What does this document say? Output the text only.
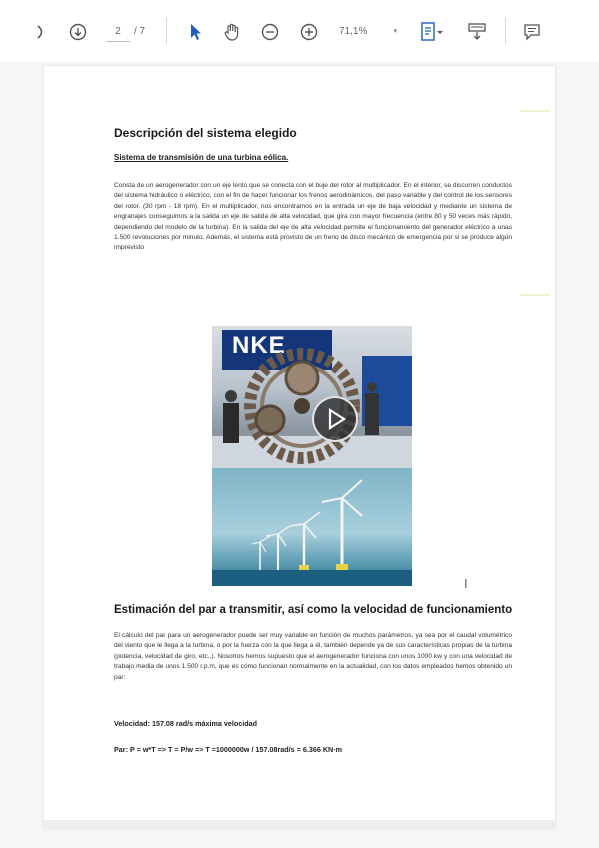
2	/ 7	71,1%	▾
Descripción del sistema elegido
Sistema de transmisión de una turbina eólica.
Consta de un aerogenerador con un eje lento que se conecta con el buje del rotor al multiplicador. En el interior, se discurren conductos del sistema hidráulico o eléctrico, con el fin de hacer funcionar los frenos aerodinámicos, del paso variable y del control de los sensores del rotor. (30 rpm - 18 rpm). En el multiplicador, nos encontramos en la entrada un eje de baja velocidad y mediante un sistema de engranajes conseguimos a la salida un eje de salida de alta velocidad, que gira con mayor frecuencia (entre 80 y 50 veces más rápido, dependiendo del modelo de la turbina). En la salida del eje de alta velocidad permite el funcionamiento del generador eléctrico a unas 1.500 revoluciones por minuto. Además, el sistema está provisto de un freno de disco mecánico de emergencia por si se produce algún imprevisto
NKE
I
Estimación del par a transmitir, así como la velocidad de funcionamiento
El cálculo del par para un aerogenerador puede ser muy variable en función de muchos parámetros, ya sea por el caudal volumétrico del viento que le llega a la turbina, o por la fuerza con la que llega a él, también depende ya de sus características propias de la turbina (potencia, velocidad de giro, etc.,). Nosotros hemos supuesto que el aerogenerador funciona con unos 1000 kw y con una velocidad de trabajo media de unos 1.500 r.p.m, que es cómo funcionan normalmente en la actualidad, con los datos empleados hemos obtenido un par:
Velocidad: 157.08 rad/s máxima velocidad
Par: P = w*T => T = P/w => T =1000000w / 157.08rad/s = 6.366 KN·m
